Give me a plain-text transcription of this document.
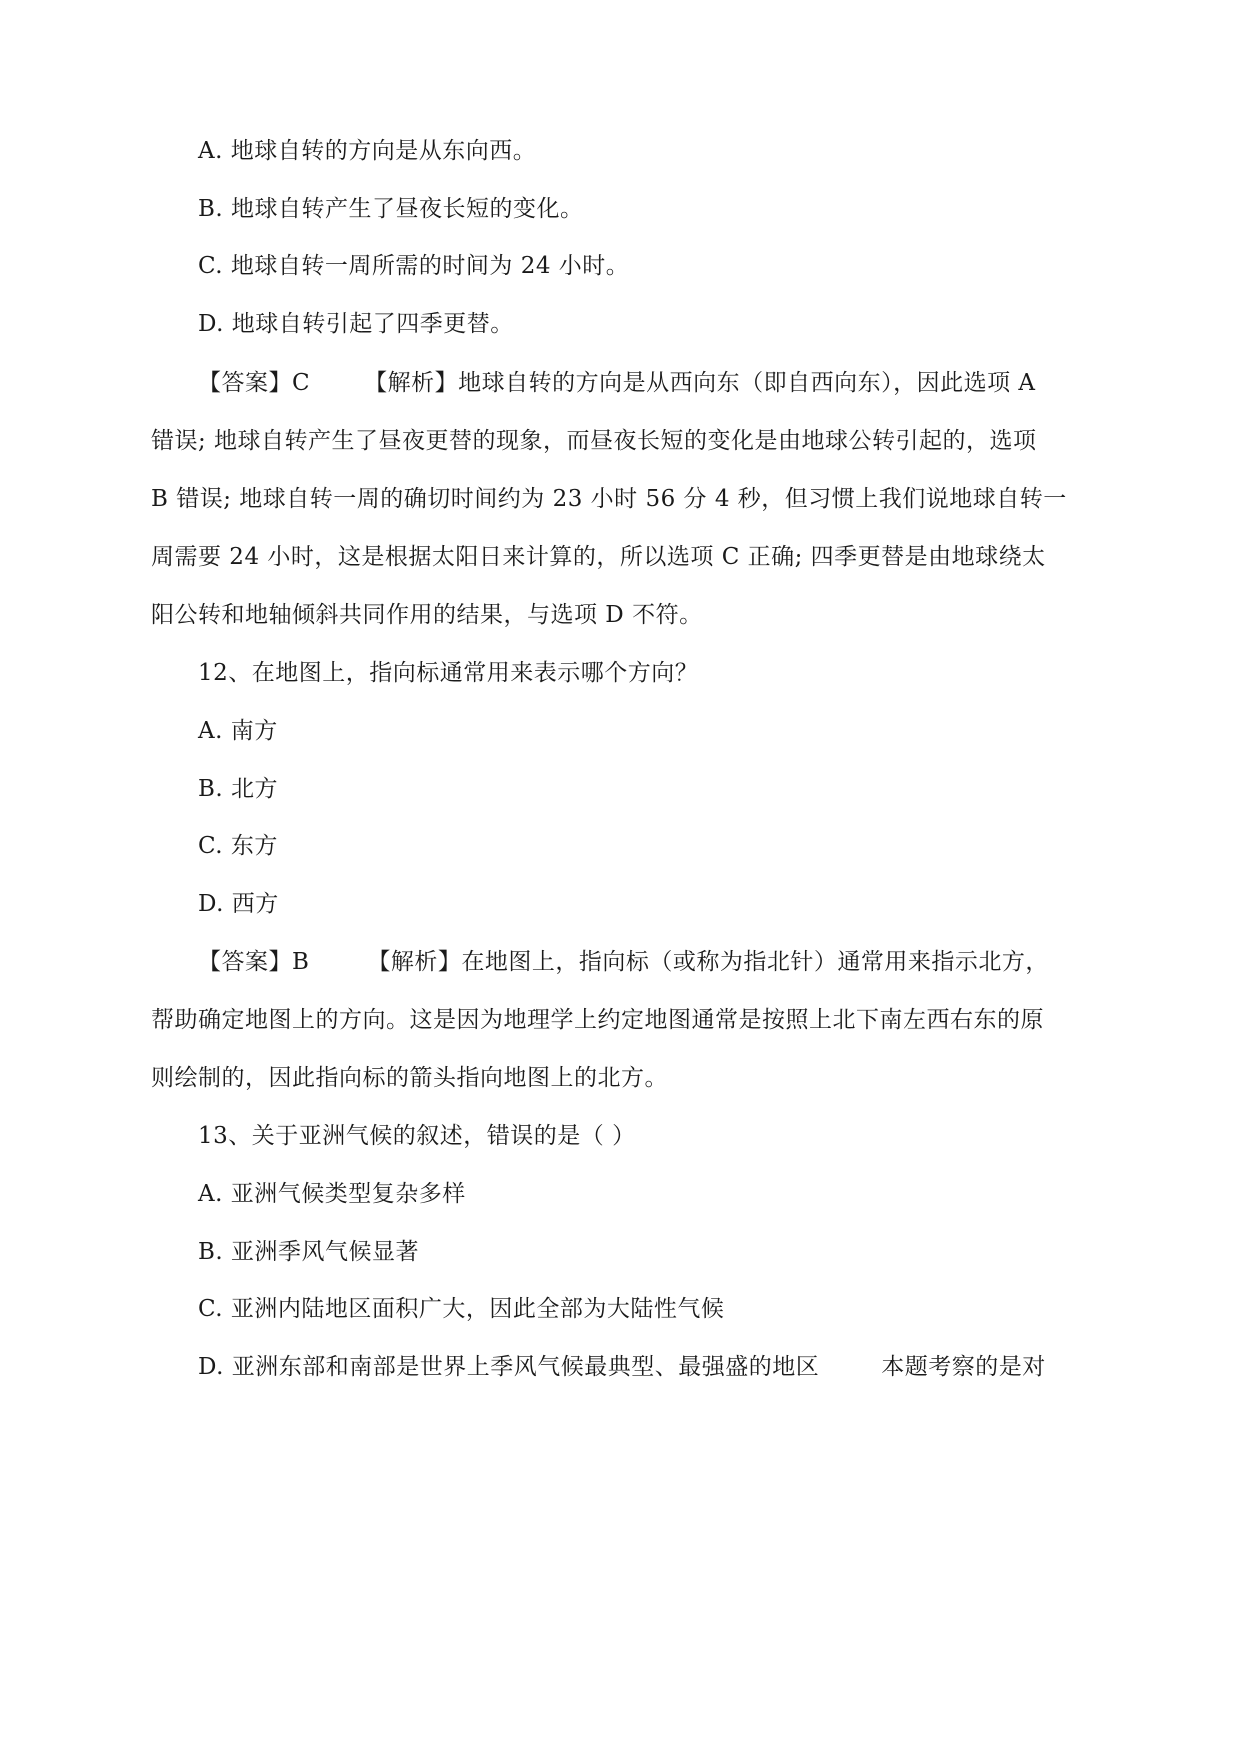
A. 地球自转的方向是从东向西。
B. 地球自转产生了昼夜长短的变化。
C. 地球自转一周所需的时间为 24 小时。
D. 地球自转引起了四季更替。
【答案】C 【解析】地球自转的方向是从西向东（即自西向东），因此选项 A
错误; 地球自转产生了昼夜更替的现象，而昼夜长短的变化是由地球公转引起的，选项
B 错误; 地球自转一周的确切时间约为 23 小时 56 分 4 秒，但习惯上我们说地球自转一
周需要 24 小时，这是根据太阳日来计算的，所以选项 C 正确; 四季更替是由地球绕太
阳公转和地轴倾斜共同作用的结果，与选项 D 不符。
12、在地图上，指向标通常用来表示哪个方向？
A. 南方
B. 北方
C. 东方
D. 西方
【答案】B	【解析】在地图上，指向标（或称为指北针）通常用来指示北方，
帮助确定地图上的方向。这是因为地理学上约定地图通常是按照上北下南左西右东的原
则绘制的，因此指向标的箭头指向地图上的北方。
13、关于亚洲气候的叙述，错误的是（ ）
A. 亚洲气候类型复杂多样
B. 亚洲季风气候显著
C. 亚洲内陆地区面积广大，因此全部为大陆性气候
D. 亚洲东部和南部是世界上季风气候最典型、最强盛的地区	本题考察的是对
